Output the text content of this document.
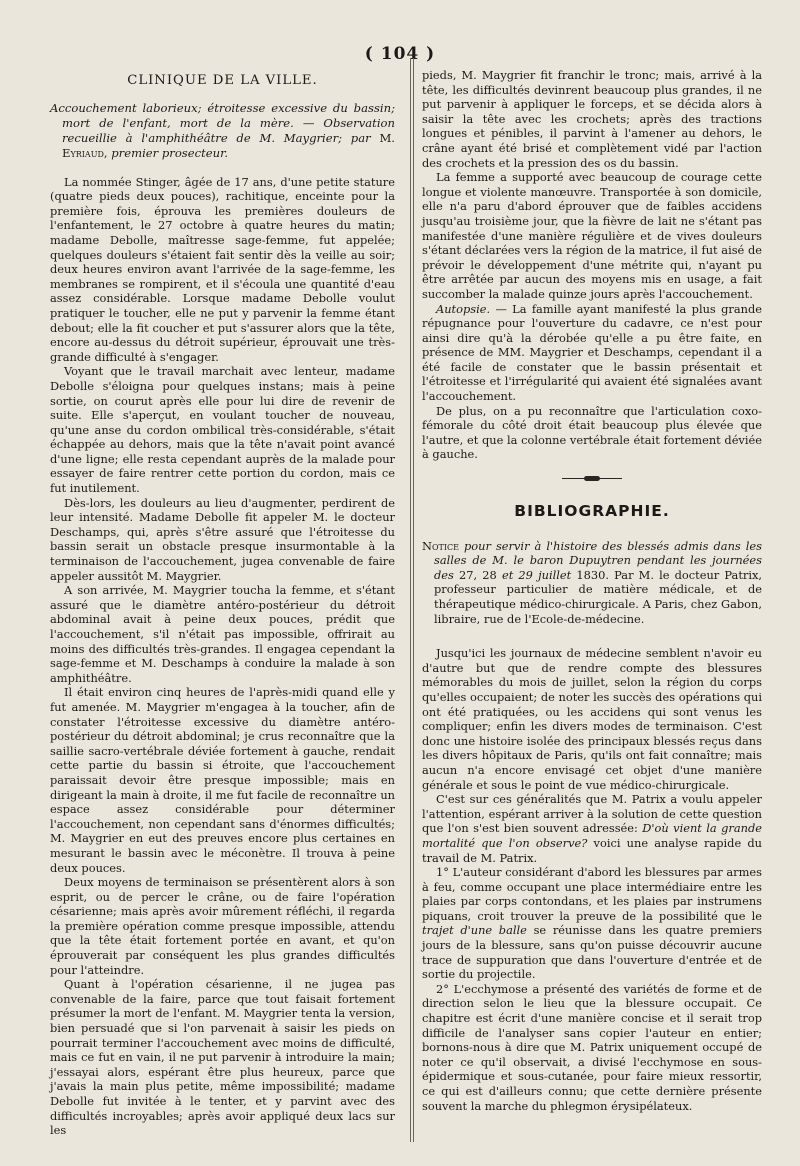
( 104 )
CLINIQUE DE LA VILLE.
Accouchement laborieux; étroitesse excessive du bassin; mort de l'enfant, mort de la mère. — Observation recueillie à l'amphithéâtre de M. Maygrier; par M. Eyriaud, premier prosecteur.

La nommée Stinger, âgée de 17 ans, d'une petite stature (quatre pieds deux pouces), rachitique, enceinte pour la première fois, éprouva les premières douleurs de l'enfantement, le 27 octobre à quatre heures du matin; madame Debolle, maîtresse sage-femme, fut appelée; quelques douleurs s'étaient fait sentir dès la veille au soir; deux heures environ avant l'arrivée de la sage-femme, les membranes se rompirent, et il s'écoula une quantité d'eau assez considérable. Lorsque madame Debolle voulut pratiquer le toucher, elle ne put y parvenir la femme étant debout; elle la fit coucher et put s'assurer alors que la tête, encore au-dessus du détroit supérieur, éprouvait une très-grande difficulté à s'engager.

Voyant que le travail marchait avec lenteur, madame Debolle s'éloigna pour quelques instans; mais à peine sortie, on courut après elle pour lui dire de revenir de suite. Elle s'aperçut, en voulant toucher de nouveau, qu'une anse du cordon ombilical très-considérable, s'était échappée au dehors, mais que la tête n'avait point avancé d'une ligne; elle resta cependant auprès de la malade pour essayer de faire rentrer cette portion du cordon, mais ce fut inutilement.

Dès-lors, les douleurs au lieu d'augmenter, perdirent de leur intensité. Madame Debolle fit appeler M. le docteur Deschamps, qui, après s'être assuré que l'étroitesse du bassin serait un obstacle presque insurmontable à la terminaison de l'accouchement, jugea convenable de faire appeler aussitôt M. Maygrier.

A son arrivée, M. Maygrier toucha la femme, et s'étant assuré que le diamètre antéro-postérieur du détroit abdominal avait à peine deux pouces, prédit que l'accouchement, s'il n'était pas impossible, offrirait au moins des difficultés très-grandes. Il engagea cependant la sage-femme et M. Deschamps à conduire la malade à son amphithéâtre.

Il était environ cinq heures de l'après-midi quand elle y fut amenée. M. Maygrier m'engagea à la toucher, afin de constater l'étroitesse excessive du diamètre antéro-postérieur du détroit abdominal; je crus reconnaître que la saillie sacro-vertébrale déviée fortement à gauche, rendait cette partie du bassin si étroite, que l'accouchement paraissait devoir être presque impossible; mais en dirigeant la main à droite, il me fut facile de reconnaître un espace assez considérable pour déterminer l'accouchement, non cependant sans d'énormes difficultés; M. Maygrier en eut des preuves encore plus certaines en mesurant le bassin avec le méconètre. Il trouva à peine deux pouces.

Deux moyens de terminaison se présentèrent alors à son esprit, ou de percer le crâne, ou de faire l'opération césarienne; mais après avoir mûrement réfléchi, il regarda la première opération comme presque impossible, attendu que la tête était fortement portée en avant, et qu'on éprouverait par conséquent les plus grandes difficultés pour l'atteindre.

Quant à l'opération césarienne, il ne jugea pas convenable de la faire, parce que tout faisait fortement présumer la mort de l'enfant. M. Maygrier tenta la version, bien persuadé que si l'on parvenait à saisir les pieds on pourrait terminer l'accouchement avec moins de difficulté, mais ce fut en vain, il ne put parvenir à introduire la main; j'essayai alors, espérant être plus heureux, parce que j'avais la main plus petite, même impossibilité; madame Debolle fut invitée à le tenter, et y parvint avec des difficultés incroyables; après avoir appliqué deux lacs sur les

pieds, M. Maygrier fit franchir le tronc; mais, arrivé à la tête, les difficultés devinrent beaucoup plus grandes, il ne put parvenir à appliquer le forceps, et se décida alors à saisir la tête avec les crochets; après des tractions longues et pénibles, il parvint à l'amener au dehors, le crâne ayant été brisé et complètement vidé par l'action des crochets et la pression des os du bassin.

La femme a supporté avec beaucoup de courage cette longue et violente manœuvre. Transportée à son domicile, elle n'a paru d'abord éprouver que de faibles accidens jusqu'au troisième jour, que la fièvre de lait ne s'étant pas manifestée d'une manière régulière et de vives douleurs s'étant déclarées vers la région de la matrice, il fut aisé de prévoir le développement d'une métrite qui, n'ayant pu être arrêtée par aucun des moyens mis en usage, a fait succomber la malade quinze jours après l'accouchement.

Autopsie. — La famille ayant manifesté la plus grande répugnance pour l'ouverture du cadavre, ce n'est pour ainsi dire qu'à la dérobée qu'elle a pu être faite, en présence de MM. Maygrier et Deschamps, cependant il a été facile de constater que le bassin présentait et l'étroitesse et l'irrégularité qui avaient été signalées avant l'accouchement.

De plus, on a pu reconnaître que l'articulation coxo-fémorale du côté droit était beaucoup plus élevée que l'autre, et que la colonne vertébrale était fortement déviée à gauche.

BIBLIOGRAPHIE.

Notice pour servir à l'histoire des blessés admis dans les salles de M. le baron Dupuytren pendant les journées des 27, 28 et 29 juillet 1830. Par M. le docteur Patrix, professeur particulier de matière médicale, et de thérapeutique médico-chirurgicale. A Paris, chez Gabon, libraire, rue de l'Ecole-de-médecine.

Jusqu'ici les journaux de médecine semblent n'avoir eu d'autre but que de rendre compte des blessures mémorables du mois de juillet, selon la région du corps qu'elles occupaient; de noter les succès des opérations qui ont été pratiquées, ou les accidens qui sont venus les compliquer; enfin les divers modes de terminaison. C'est donc une histoire isolée des principaux blessés reçus dans les divers hôpitaux de Paris, qu'ils ont fait connaître; mais aucun n'a encore envisagé cet objet d'une manière générale et sous le point de vue médico-chirurgicale.

C'est sur ces généralités que M. Patrix a voulu appeler l'attention, espérant arriver à la solution de cette question que l'on s'est bien souvent adressée: D'où vient la grande mortalité que l'on observe? voici une analyse rapide du travail de M. Patrix.

1° L'auteur considérant d'abord les blessures par armes à feu, comme occupant une place intermédiaire entre les plaies par corps contondans, et les plaies par instrumens piquans, croit trouver la preuve de la possibilité que le trajet d'une balle se réunisse dans les quatre premiers jours de la blessure, sans qu'on puisse découvrir aucune trace de suppuration que dans l'ouverture d'entrée et de sortie du projectile.

2° L'ecchymose a présenté des variétés de forme et de direction selon le lieu que la blessure occupait. Ce chapitre est écrit d'une manière concise et il serait trop difficile de l'analyser sans copier l'auteur en entier; bornons-nous à dire que M. Patrix uniquement occupé de noter ce qu'il observait, a divisé l'ecchymose en sous-épidermique et sous-cutanée, pour faire mieux ressortir, ce qui est d'ailleurs connu; que cette dernière présente souvent la marche du phlegmon érysipélateux.
